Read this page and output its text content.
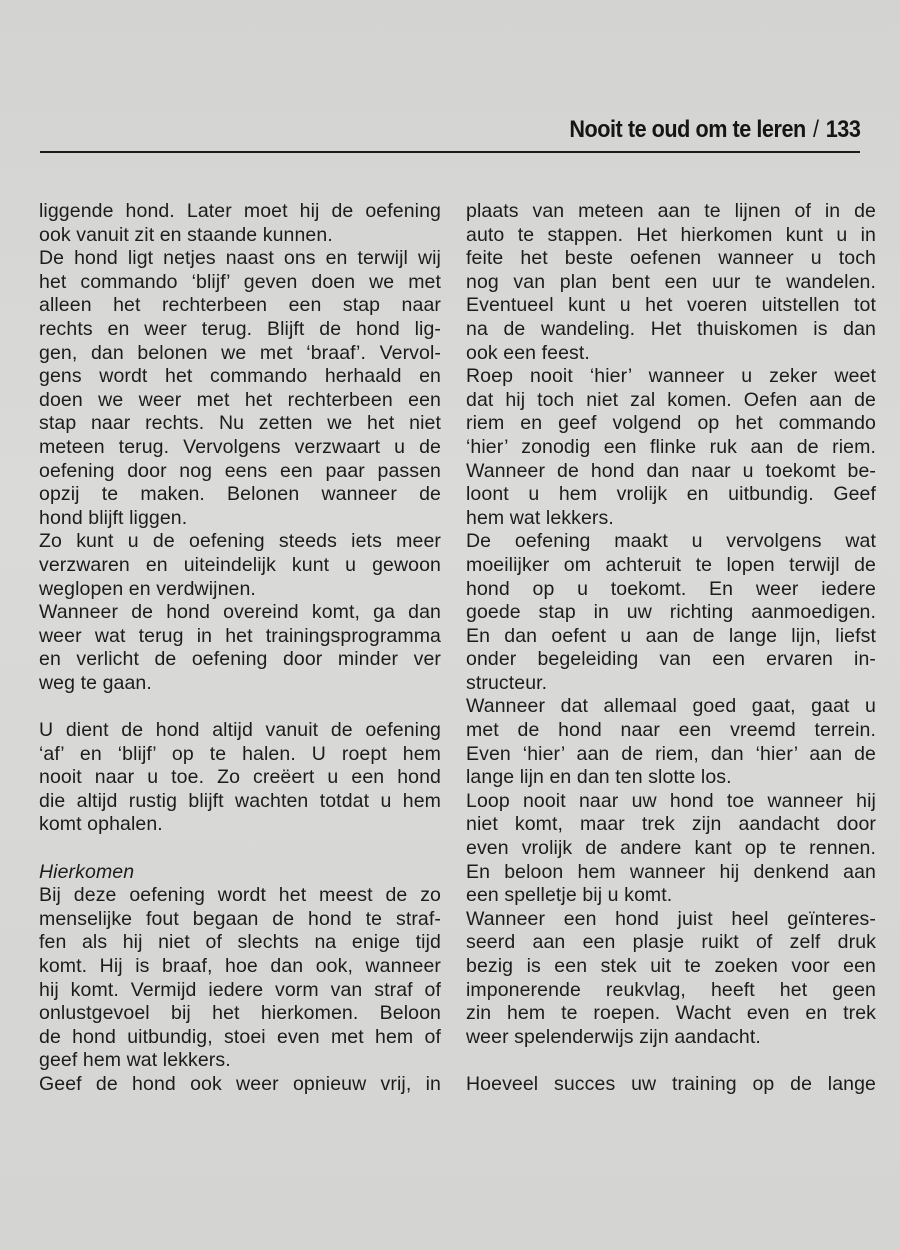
Nooit te oud om te leren / 133
liggende hond. Later moet hij de oefening
ook vanuit zit en staande kunnen.
De hond ligt netjes naast ons en terwijl wij
het commando ‘blijf’ geven doen we met
alleen het rechterbeen een stap naar
rechts en weer terug. Blijft de hond lig-
gen, dan belonen we met ‘braaf’. Vervol-
gens wordt het commando herhaald en
doen we weer met het rechterbeen een
stap naar rechts. Nu zetten we het niet
meteen terug. Vervolgens verzwaart u de
oefening door nog eens een paar passen
opzij te maken. Belonen wanneer de
hond blijft liggen.
Zo kunt u de oefening steeds iets meer
verzwaren en uiteindelijk kunt u gewoon
weglopen en verdwijnen.
Wanneer de hond overeind komt, ga dan
weer wat terug in het trainingsprogramma
en verlicht de oefening door minder ver
weg te gaan.
U dient de hond altijd vanuit de oefening
‘af’ en ‘blijf’ op te halen. U roept hem
nooit naar u toe. Zo creëert u een hond
die altijd rustig blijft wachten totdat u hem
komt ophalen.
Hierkomen
Bij deze oefening wordt het meest de zo
menselijke fout begaan de hond te straf-
fen als hij niet of slechts na enige tijd
komt. Hij is braaf, hoe dan ook, wanneer
hij komt. Vermijd iedere vorm van straf of
onlustgevoel bij het hierkomen. Beloon
de hond uitbundig, stoei even met hem of
geef hem wat lekkers.
Geef de hond ook weer opnieuw vrij, in
plaats van meteen aan te lijnen of in de
auto te stappen. Het hierkomen kunt u in
feite het beste oefenen wanneer u toch
nog van plan bent een uur te wandelen.
Eventueel kunt u het voeren uitstellen tot
na de wandeling. Het thuiskomen is dan
ook een feest.
Roep nooit ‘hier’ wanneer u zeker weet
dat hij toch niet zal komen. Oefen aan de
riem en geef volgend op het commando
‘hier’ zonodig een flinke ruk aan de riem.
Wanneer de hond dan naar u toekomt be-
loont u hem vrolijk en uitbundig. Geef
hem wat lekkers.
De oefening maakt u vervolgens wat
moeilijker om achteruit te lopen terwijl de
hond op u toekomt. En weer iedere
goede stap in uw richting aanmoedigen.
En dan oefent u aan de lange lijn, liefst
onder begeleiding van een ervaren in-
structeur.
Wanneer dat allemaal goed gaat, gaat u
met de hond naar een vreemd terrein.
Even ‘hier’ aan de riem, dan ‘hier’ aan de
lange lijn en dan ten slotte los.
Loop nooit naar uw hond toe wanneer hij
niet komt, maar trek zijn aandacht door
even vrolijk de andere kant op te rennen.
En beloon hem wanneer hij denkend aan
een spelletje bij u komt.
Wanneer een hond juist heel geïnteres-
seerd aan een plasje ruikt of zelf druk
bezig is een stek uit te zoeken voor een
imponerende reukvlag, heeft het geen
zin hem te roepen. Wacht even en trek
weer spelenderwijs zijn aandacht.
Hoeveel succes uw training op de lange
